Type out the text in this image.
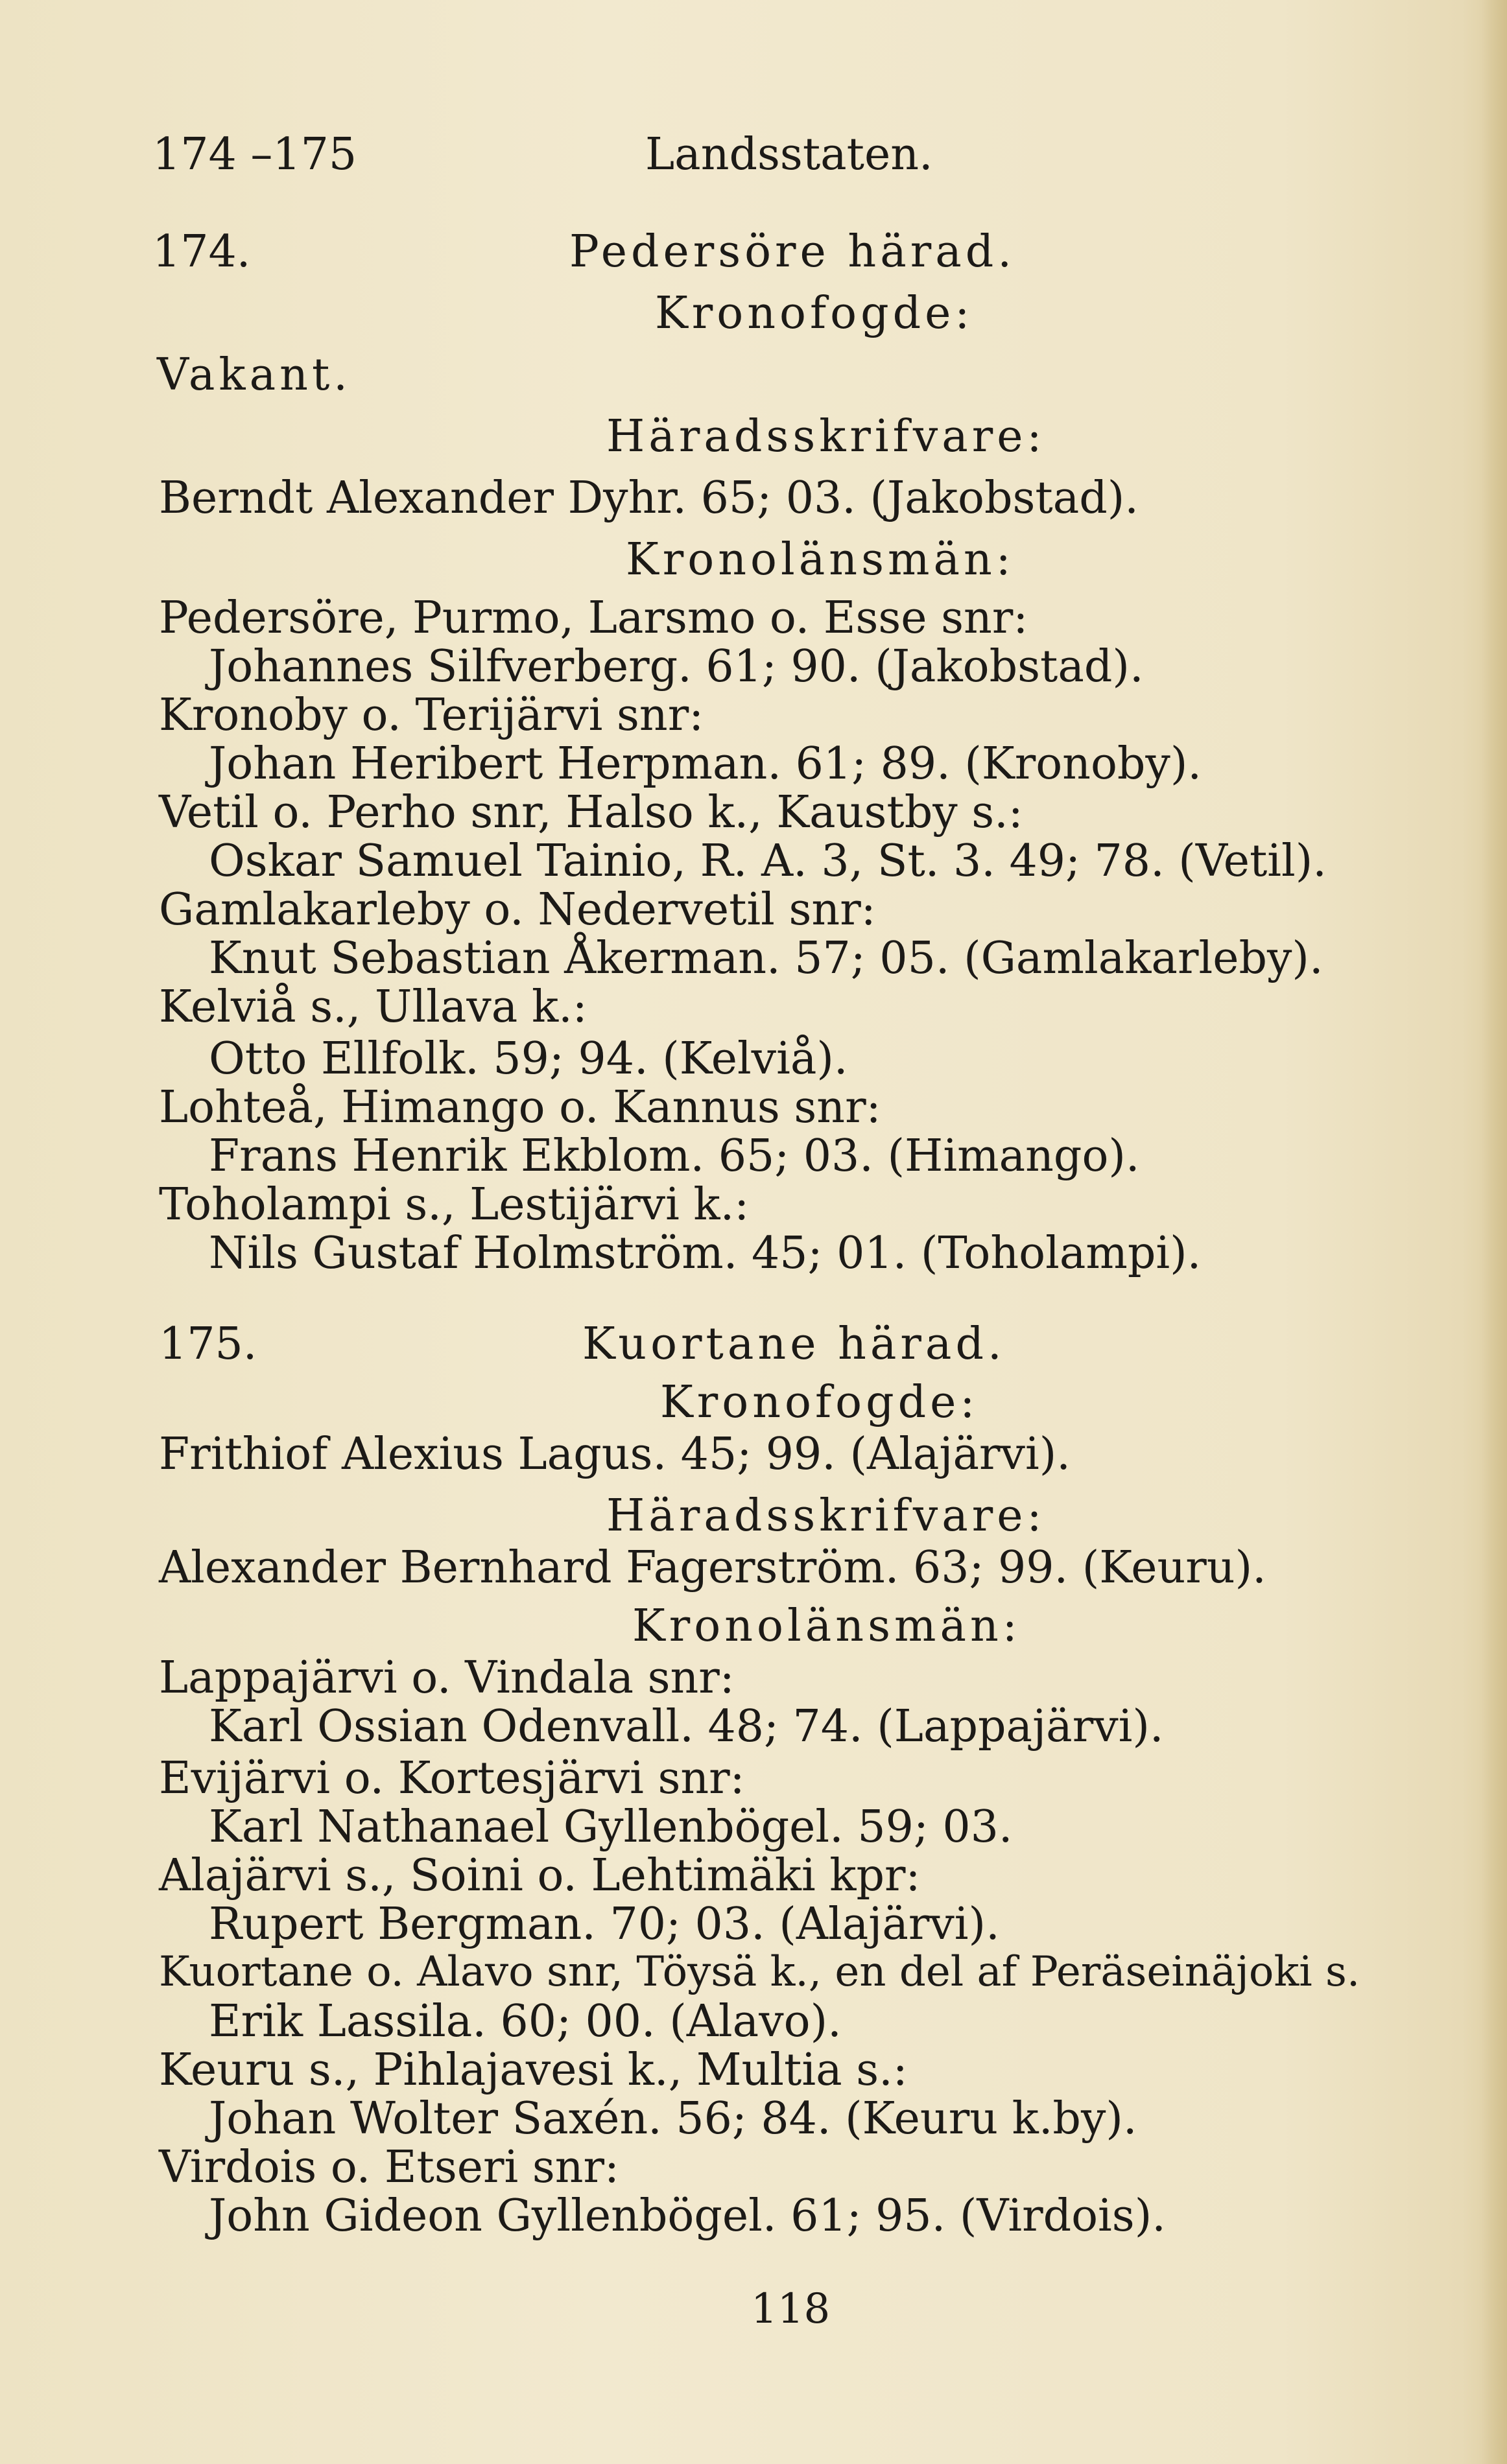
174 –175	Landsstaten.
174.	Pedersöre härad.
Kronofogde:
Vakant.
Häradsskrifvare:
Berndt Alexander Dyhr. 65; 03. (Jakobstad).
Kronolänsmän:
Pedersöre, Purmo, Larsmo o. Esse snr:
Johannes Silfverberg. 61; 90. (Jakobstad).
Kronoby o. Terijärvi snr:
Johan Heribert Herpman. 61; 89. (Kronoby).
Vetil o. Perho snr, Halso k., Kaustby s.:
Oskar Samuel Tainio, R. A. 3, St. 3. 49; 78. (Vetil).
Gamlakarleby o. Nedervetil snr:
Knut Sebastian Åkerman. 57; 05. (Gamlakarleby).
Kelviå s., Ullava k.:
Otto Ellfolk. 59; 94. (Kelviå).
Lohteå, Himango o. Kannus snr:
Frans Henrik Ekblom. 65; 03. (Himango).
Toholampi s., Lestijärvi k.:
Nils Gustaf Holmström. 45; 01. (Toholampi).
175.	Kuortane härad.
Kronofogde:
Frithiof Alexius Lagus. 45; 99. (Alajärvi).
Häradsskrifvare:
Alexander Bernhard Fagerström. 63; 99. (Keuru).
Kronolänsmän:
Lappajärvi o. Vindala snr:
Karl Ossian Odenvall. 48; 74. (Lappajärvi).
Evijärvi o. Kortesjärvi snr:
Karl Nathanael Gyllenbögel. 59; 03.
Alajärvi s., Soini o. Lehtimäki kpr:
Rupert Bergman. 70; 03. (Alajärvi).
Kuortane o. Alavo snr, Töysä k., en del af Peräseinäjoki s.
Erik Lassila. 60; 00. (Alavo).
Keuru s., Pihlajavesi k., Multia s.:
Johan Wolter Saxén. 56; 84. (Keuru k.by).
Virdois o. Etseri snr:
John Gideon Gyllenbögel. 61; 95. (Virdois).
118
